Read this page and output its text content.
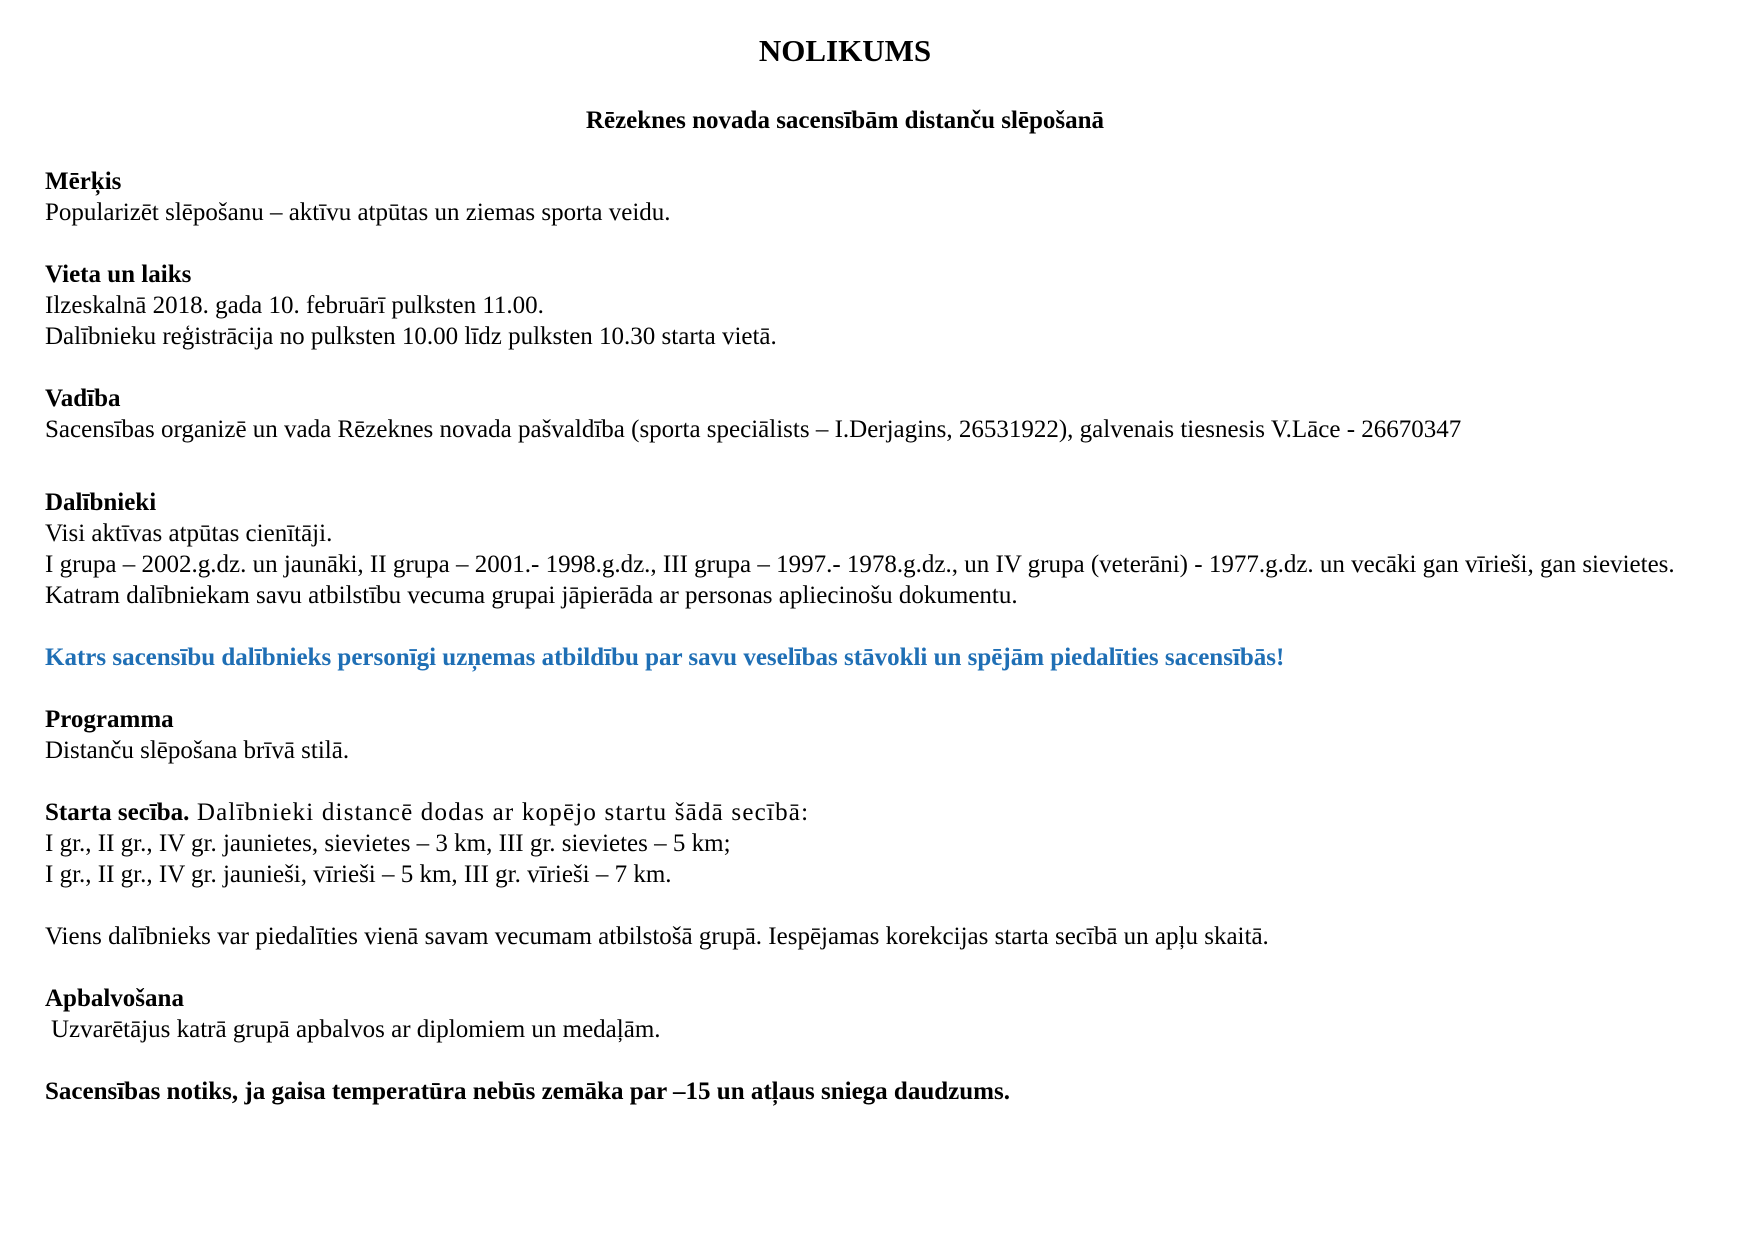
NOLIKUMS
Rēzeknes novada sacensībām distanču slēpošanā
Mērķis
Popularizēt slēpošanu – aktīvu atpūtas un ziemas sporta veidu.
Vieta un laiks
Ilzeskalnā 2018. gada 10. februārī pulksten 11.00.
Dalībnieku reģistrācija no pulksten 10.00 līdz pulksten 10.30 starta vietā.
Vadība
Sacensības organizē un vada Rēzeknes novada pašvaldība (sporta speciālists – I.Derjagins, 26531922), galvenais tiesnesis V.Lāce - 26670347
Dalībnieki
Visi aktīvas atpūtas cienītāji.
I grupa – 2002.g.dz. un jaunāki, II grupa – 2001.- 1998.g.dz., III grupa – 1997.- 1978.g.dz., un IV grupa (veterāni) - 1977.g.dz. un vecāki gan vīrieši, gan sievietes.
Katram dalībniekam savu atbilstību vecuma grupai jāpierāda ar personas apliecinošu dokumentu.
Katrs sacensību dalībnieks personīgi uzņemas atbildību par savu veselības stāvokli un spējām piedalīties sacensībās!
Programma
Distanču slēpošana brīvā stilā.
Starta secība. Dalībnieki distancē dodas ar kopējo startu šādā secībā:
I gr., II gr., IV gr. jaunietes, sievietes – 3 km, III gr. sievietes – 5 km;
I gr., II gr., IV gr. jaunieši, vīrieši – 5 km, III gr. vīrieši – 7 km.
Viens dalībnieks var piedalīties vienā savam vecumam atbilstošā grupā. Iespējamas korekcijas starta secībā un apļu skaitā.
Apbalvošana
Uzvarētājus katrā grupā apbalvos ar diplomiem un medaļām.
Sacensības notiks, ja gaisa temperatūra nebūs zemāka par –15 un atļaus sniega daudzums.
